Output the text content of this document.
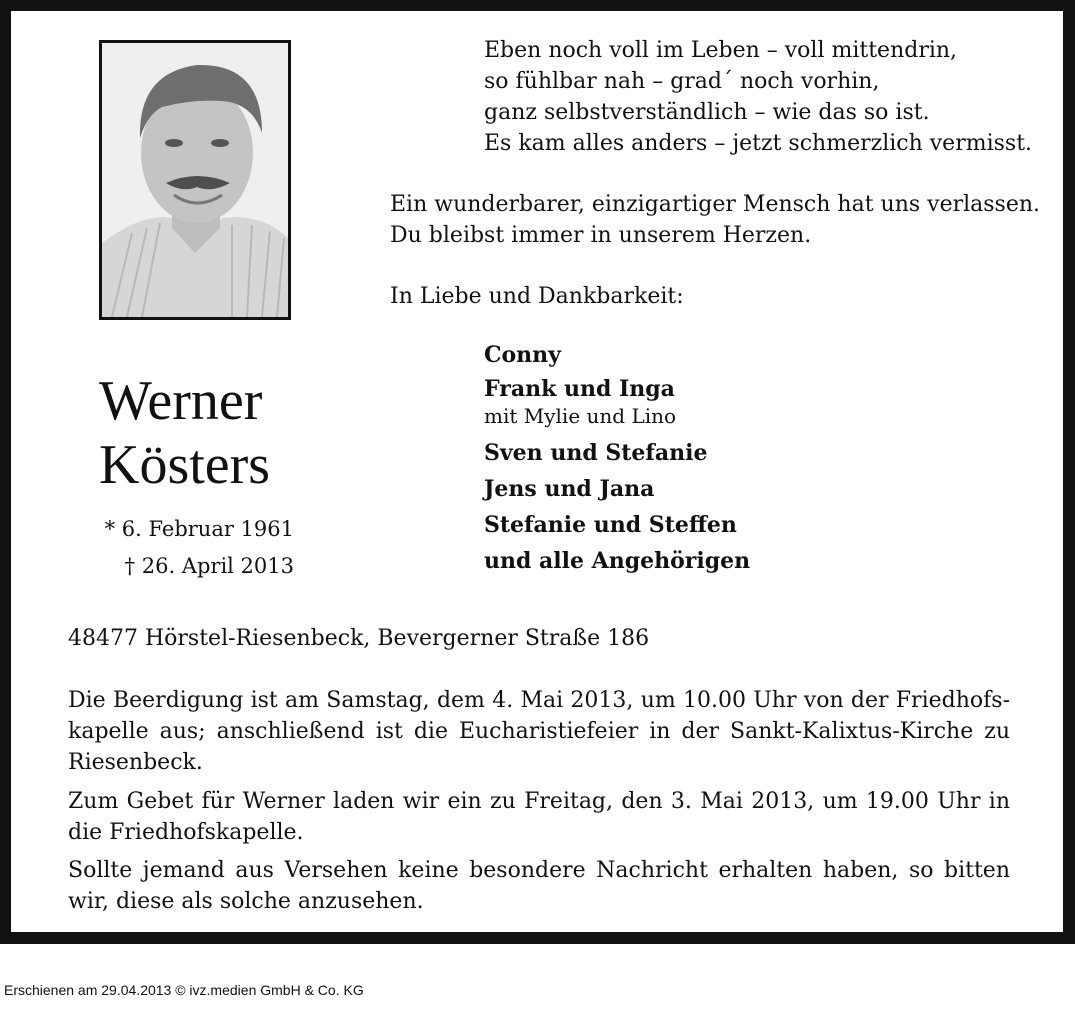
Eben noch voll im Leben – voll mittendrin,
so fühlbar nah – grad´ noch vorhin,
ganz selbstverständlich – wie das so ist.
Es kam alles anders – jetzt schmerzlich vermisst.
Ein wunderbarer, einzigartiger Mensch hat uns verlassen.
Du bleibst immer in unserem Herzen.
In Liebe und Dankbarkeit:
Werner
Kösters
* 6. Februar 1961
† 26. April 2013
Conny
Frank und Inga
mit Mylie und Lino
Sven und Stefanie
Jens und Jana
Stefanie und Steffen
und alle Angehörigen
48477 Hörstel-Riesenbeck, Bevergerner Straße 186
Die Beerdigung ist am Samstag, dem 4. Mai 2013, um 10.00 Uhr von der Friedhofskapelle aus; anschließend ist die Eucharistiefeier in der Sankt-Kalixtus-Kirche zu Riesenbeck.
Zum Gebet für Werner laden wir ein zu Freitag, den 3. Mai 2013, um 19.00 Uhr in die Friedhofskapelle.
Sollte jemand aus Versehen keine besondere Nachricht erhalten haben, so bitten wir, diese als solche anzusehen.
Erschienen am 29.04.2013 © ivz.medien GmbH & Co. KG
